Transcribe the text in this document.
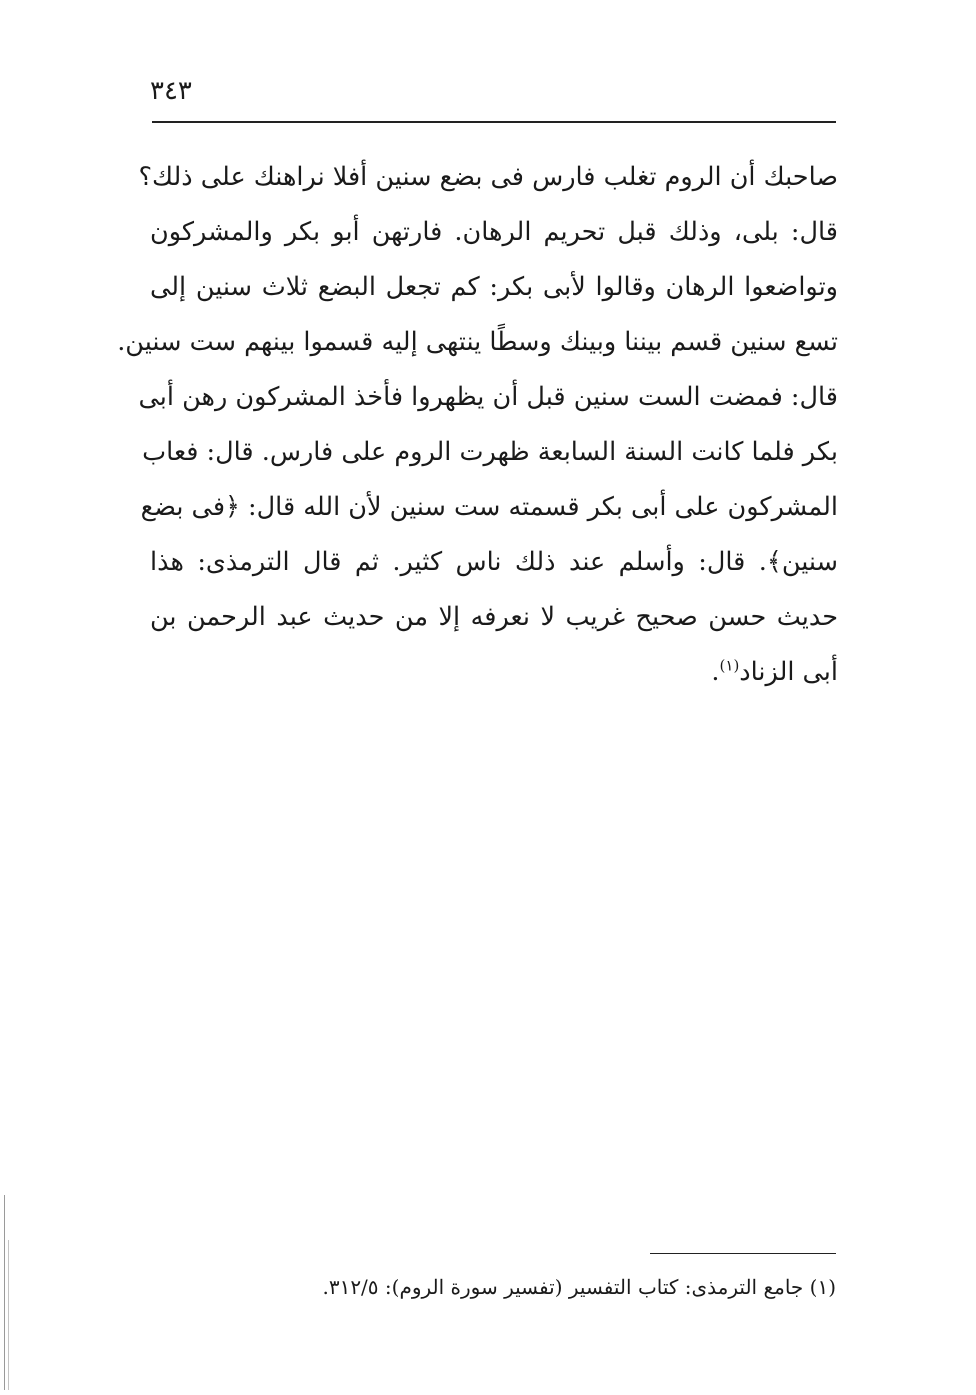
٣٤٣
صاحبك أن الروم تغلب فارس فى بضع سنين أفلا نراهنك على ذلك؟
قال: بلى، وذلك قبل تحريم الرهان. فارتهن أبو بكر والمشركون
وتواضعوا الرهان وقالوا لأبى بكر: كم تجعل البضع ثلاث سنين إلى
تسع سنين قسم بيننا وبينك وسطًا ينتهى إليه قسموا بينهم ست سنين.
قال: فمضت الست سنين قبل أن يظهروا فأخذ المشركون رهن أبى
بكر فلما كانت السنة السابعة ظهرت الروم على فارس. قال: فعاب
المشركون على أبى بكر قسمته ست سنين لأن الله قال: ﴿فى بضع
سنين﴾. قال: وأسلم عند ذلك ناس كثير. ثم قال الترمذى: هذا
حديث حسن صحيح غريب لا نعرفه إلا من حديث عبد الرحمن بن
أبى الزناد$^{(١)}$.
(١) جامع الترمذى: كتاب التفسير (تفسير سورة الروم): ٣١٢/٥.
